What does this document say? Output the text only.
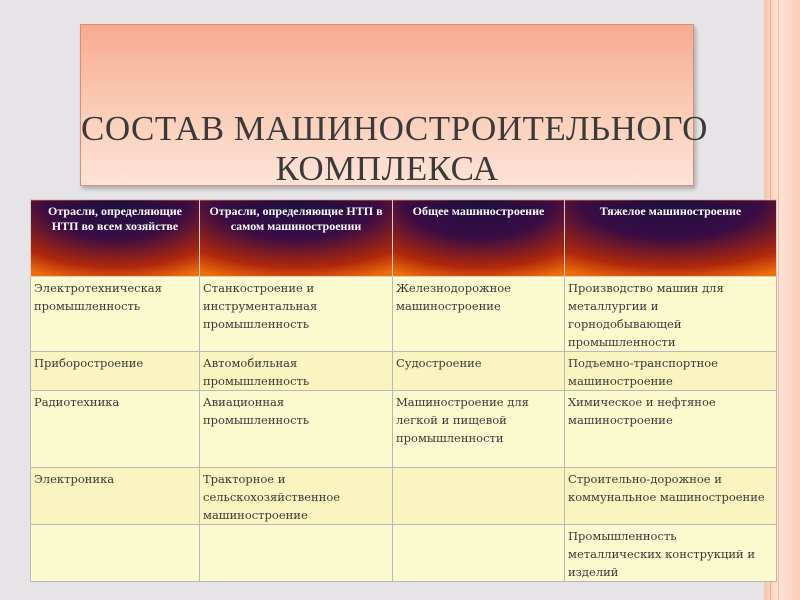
СОСТАВ МАШИНОСТРОИТЕЛЬНОГО
КОМПЛЕКСА
Отрасли, определяющие НТП во всем хозяйстве	Отрасли, определяющие НТП в самом машиностроении	Общее машиностроение	Тяжелое машиностроение
Электротехническая промышленность	Станкостроение и инструментальная промышленность	Железнодорожное машиностроение	Производство машин для металлургии и горнодобывающей промышленности
Приборостроение	Автомобильная промышленность	Судостроение	Подъемно-транспортное машиностроение
Радиотехника	Авиационная промышленность	Машиностроение для легкой и пищевой промышленности	Химическое и нефтяное машиностроение
Электроника	Тракторное и сельскохозяйственное машиностроение		Строительно-дорожное и коммунальное машиностроение
			Промышленность металлических конструкций и изделий
